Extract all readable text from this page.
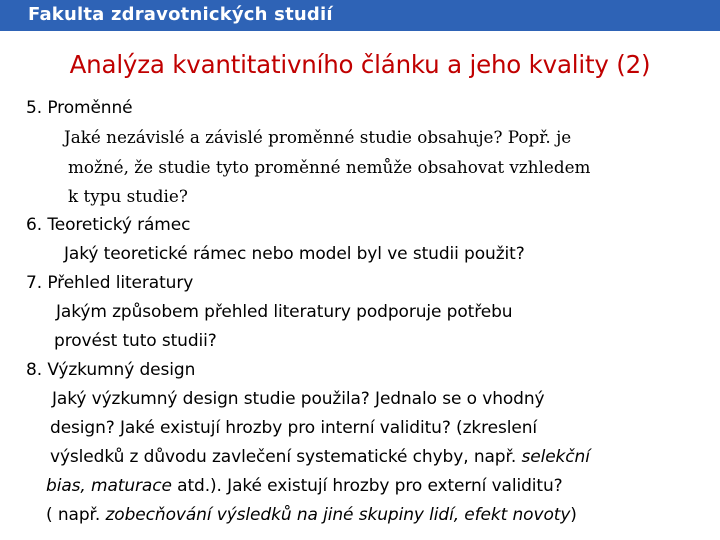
Fakulta zdravotnických studií
Analýza kvantitativního článku a jeho kvality (2)
5. Proměnné
Jaké nezávislé a závislé proměnné studie obsahuje? Popř. je
možné, že studie tyto proměnné nemůže obsahovat vzhledem
k typu studie?
6. Teoretický rámec
Jaký teoretické rámec nebo model byl ve studii použit?
7. Přehled literatury
Jakým způsobem přehled literatury podporuje potřebu
provést tuto studii?
8. Výzkumný design
Jaký výzkumný design studie použila? Jednalo se o vhodný
design? Jaké existují hrozby pro interní validitu? (zkreslení
výsledků z důvodu zavlečení systematické chyby, např. selekční
bias, maturace atd.). Jaké existují hrozby pro externí validitu?
( např. zobecňování výsledků na jiné skupiny lidí, efekt novoty)
